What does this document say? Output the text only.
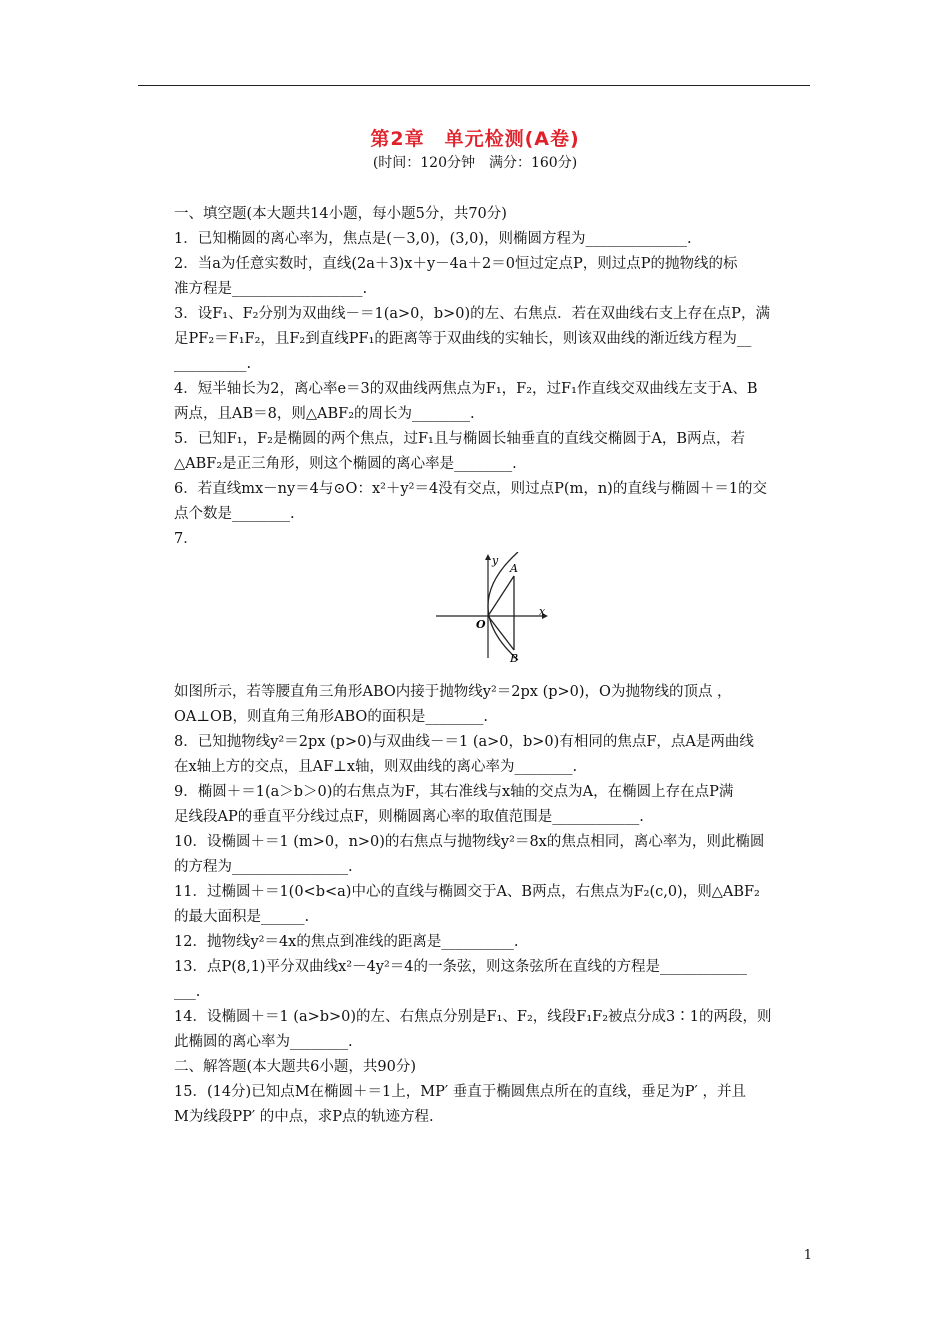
第2章　单元检测(A卷)
(时间：120分钟　满分：160分)

一、填空题(本大题共14小题，每小题5分，共70分)

1．已知椭圆的离心率为，焦点是(－3,0)，(3,0)，则椭圆方程为______________.

2．当a为任意实数时，直线(2a＋3)x＋y－4a＋2＝0恒过定点P，则过点P的抛物线的标

准方程是__________________.

3．设F₁、F₂分别为双曲线－＝1(a>0，b>0)的左、右焦点．若在双曲线右支上存在点P，满

足PF₂＝F₁F₂，且F₂到直线PF₁的距离等于双曲线的实轴长，则该双曲线的渐近线方程为__

__________.

4．短半轴长为2，离心率e＝3的双曲线两焦点为F₁，F₂，过F₁作直线交双曲线左支于A、B

两点，且AB＝8，则△ABF₂的周长为________.

5．已知F₁，F₂是椭圆的两个焦点，过F₁且与椭圆长轴垂直的直线交椭圆于A，B两点，若

△ABF₂是正三角形，则这个椭圆的离心率是________.

6．若直线mx－ny＝4与⊙O：x²＋y²＝4没有交点，则过点P(m，n)的直线与椭圆＋＝1的交

点个数是________.

7．

y
x
O
A
B

如图所示，若等腰直角三角形ABO内接于抛物线y²＝2px (p>0)，O为抛物线的顶点 ，

OA⊥OB，则直角三角形ABO的面积是________.

8．已知抛物线y²＝2px (p>0)与双曲线－＝1 (a>0，b>0)有相同的焦点F，点A是两曲线

在x轴上方的交点，且AF⊥x轴，则双曲线的离心率为________.

9．椭圆＋＝1(a＞b＞0)的右焦点为F，其右准线与x轴的交点为A，在椭圆上存在点P满

足线段AP的垂直平分线过点F，则椭圆离心率的取值范围是____________.

10．设椭圆＋＝1 (m>0，n>0)的右焦点与抛物线y²＝8x的焦点相同，离心率为，则此椭圆

的方程为________________.

11．过椭圆＋＝1(0<b<a)中心的直线与椭圆交于A、B两点，右焦点为F₂(c,0)，则△ABF₂

的最大面积是______.

12．抛物线y²＝4x的焦点到准线的距离是__________.

13．点P(8,1)平分双曲线x²－4y²＝4的一条弦，则这条弦所在直线的方程是____________

___.

14．设椭圆＋＝1 (a>b>0)的左、右焦点分别是F₁、F₂，线段F₁F₂被点分成3∶1的两段，则

此椭圆的离心率为________.

二、解答题(本大题共6小题，共90分)

15．(14分)已知点M在椭圆＋＝1上，MP′ 垂直于椭圆焦点所在的直线，垂足为P′ ，并且

M为线段PP′ 的中点，求P点的轨迹方程.

1
